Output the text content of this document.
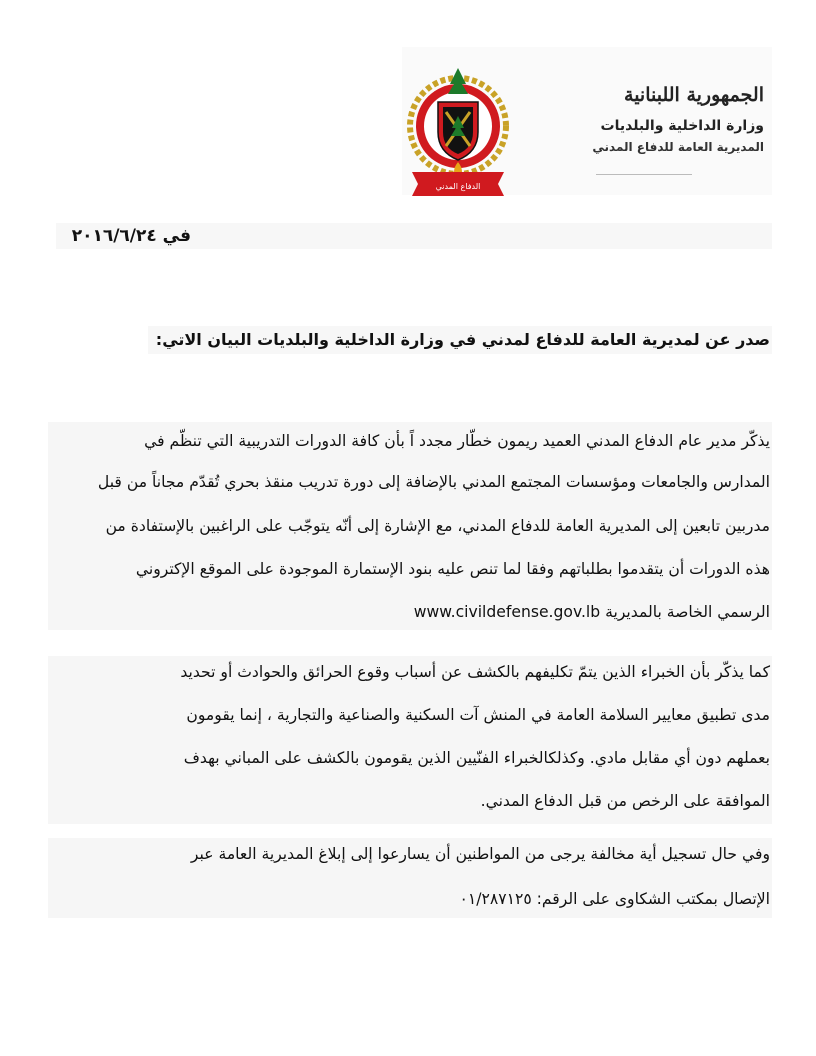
الدفاع المدني
الجمهورية اللبنانية
وزارة الداخلية والبلديات
المديرية العامة للدفاع المدني
في ٢٠١٦/٦/٢٤
صدر عن لمديرية العامة للدفاع لمدني في وزارة الداخلية والبلديات البيان الاتي:
يذكّر مدير عام الدفاع المدني العميد ريمون خطّار مجدد اً بأن كافة الدورات التدريبية التي تنظّم في
المدارس والجامعات ومؤسسات المجتمع المدني بالإضافة إلى دورة تدريب منقذ بحري تُقدّم مجاناً من قبل
مدربين تابعين إلى المديرية العامة للدفاع المدني، مع الإشارة إلى أنّه يتوجّب على الراغبين بالإستفادة من
هذه الدورات أن يتقدموا بطلباتهم وفقا لما تنص عليه بنود الإستمارة الموجودة على الموقع الإكتروني
الرسمي الخاصة بالمديرية www.civildefense.gov.lb
كما يذكّر بأن الخبراء الذين يتمّ تكليفهم بالكشف عن أسباب وقوع الحرائق والحوادث أو تحديد
مدى تطبيق معايير السلامة العامة في المنش آت السكنية والصناعية والتجارية ، إنما يقومون
بعملهم دون أي مقابل مادي. وكذلكالخبراء الفنّيين الذين يقومون بالكشف على المباني بهدف
الموافقة على الرخص من قبل الدفاع المدني.
وفي حال تسجيل أية مخالفة يرجى من المواطنين أن يسارعوا إلى إبلاغ المديرية العامة عبر
الإتصال بمكتب الشكاوى على الرقم: ٠١/٢٨٧١٢٥
